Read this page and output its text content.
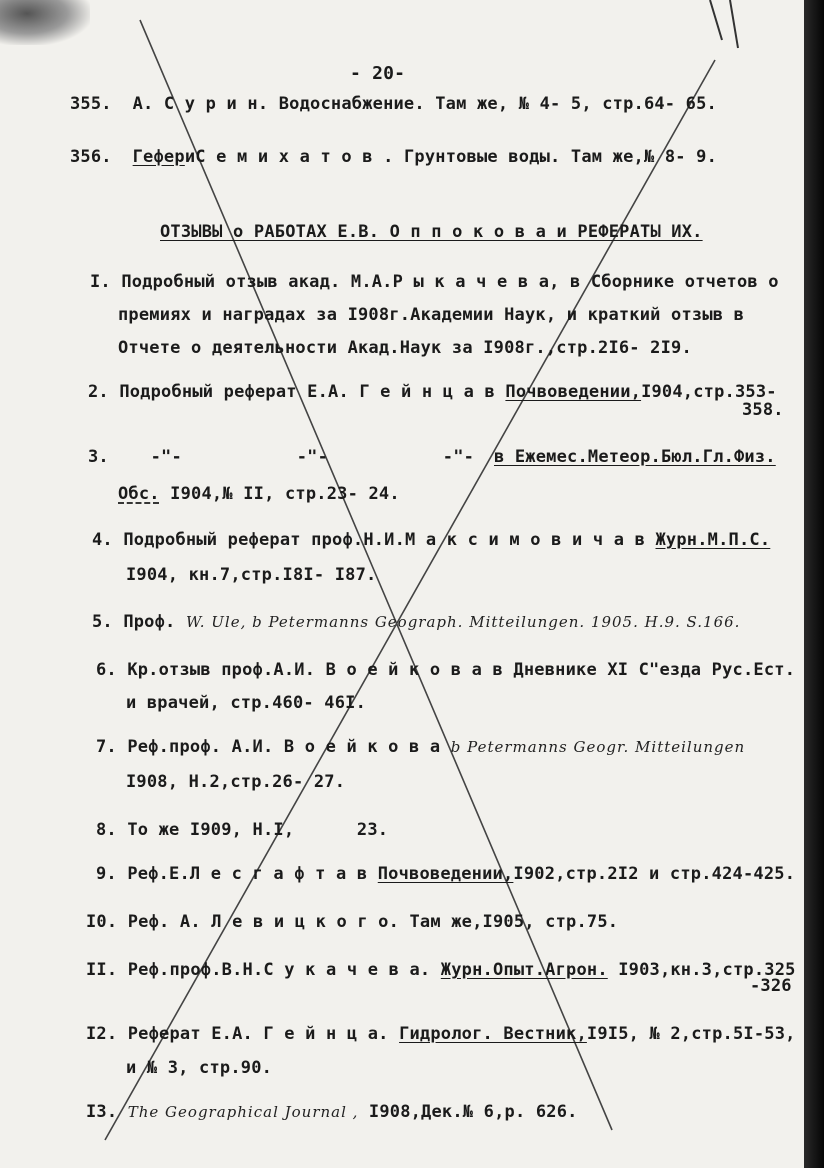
- 20-
355. А. С у р и н. Водоснабжение. Там же, № 4- 5, стр.64- 65.
356. ГефериС е м и х а т о в . Грунтовые воды. Там же,№ 8- 9.
ОТЗЫВЫ о РАБОТАХ Е.В. О п п о к о в а и РЕФЕРАТЫ ИХ.
I. Подробный отзыв акад. М.А.Р ы к а ч е в а, в Сборнике отчетов о
премиях и наградах за I908г.Академии Наук, и краткий отзыв в
Отчете о деятельности Акад.Наук за I908г.,стр.2I6- 2I9.
2. Подробный реферат Е.А. Г е й н ц а в Почвоведении,I904,стр.353-
358.
3. -"-           -"-           -"- в Ежемес.Метеор.Бюл.Гл.Физ.
Обс. I904,№ II, стр.23- 24.
4. Подробный реферат проф.Н.И.М а к с и м о в и ч а в Журн.М.П.С.
I904, кн.7,стр.I8I- I87.
5. Проф. W. Ule, b Petermanns Geograph. Mitteilungen. 1905. H.9. S.166.
6. Кр.отзыв проф.А.И. В о е й к о в а в Дневнике XI С"езда Рус.Ест.
и врачей, стр.460- 46I.
7. Реф.проф. А.И. В о е й к о в а b Petermanns Geogr. Mitteilungen
I908, Н.2,стр.26- 27.
8. То же I909, Н.I,      23.
9. Реф.Е.Л е с г а ф т а в Почвоведении,I902,стр.2I2 и стр.424-425.
I0. Реф. А. Л е в и ц к о г о. Там же,I905, стр.75.
II. Реф.проф.В.Н.С у к а ч е в а. Журн.Опыт.Агрон. I903,кн.3,стр.325
-326
I2. Реферат Е.А. Г е й н ц а. Гидролог. Вестник,I9I5, № 2,стр.5I-53,
и № 3, стр.90.
I3. The Geographical Journal , I908,Дек.№ 6,р. 626.
